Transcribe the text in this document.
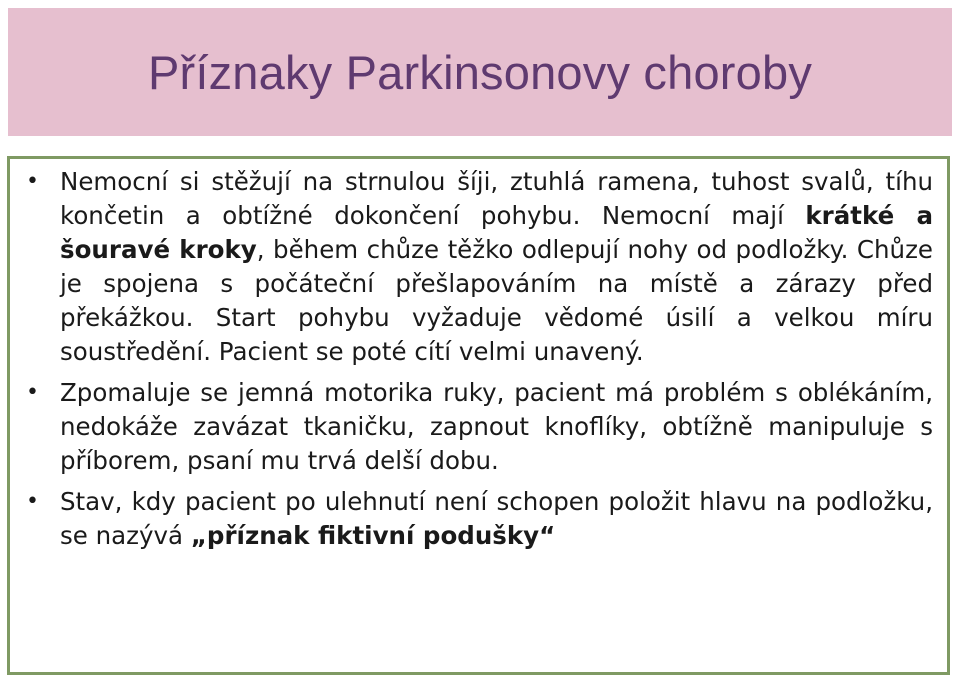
Příznaky Parkinsonovy choroby
• Nemocní si stěžují na strnulou šíji, ztuhlá ramena, tuhost svalů, tíhu končetin a obtížné dokončení pohybu. Nemocní mají krátké a šouravé kroky, během chůze těžko odlepují nohy od podložky. Chůze je spojena s počáteční přešlapováním na místě a zárazy před překážkou. Start pohybu vyžaduje vědomé úsilí a velkou míru soustředění. Pacient se poté cítí velmi unavený.
• Zpomaluje se jemná motorika ruky, pacient má problém s oblékáním, nedokáže zavázat tkaničku, zapnout knoflíky, obtížně manipuluje s příborem, psaní mu trvá delší dobu.
• Stav, kdy pacient po ulehnutí není schopen položit hlavu na podložku, se nazývá „příznak fiktivní podušky“
